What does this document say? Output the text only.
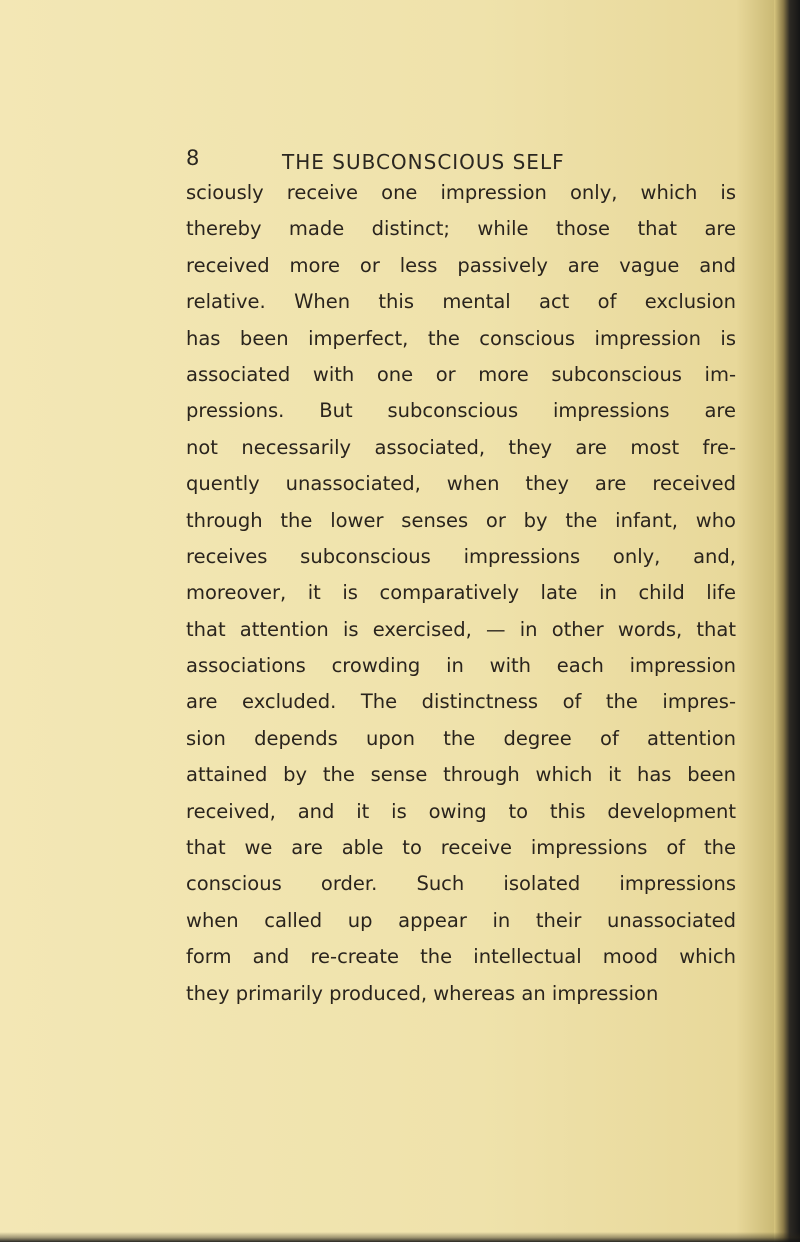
8	THE SUBCONSCIOUS SELF
sciously receive one impression only, which is
thereby made distinct; while those that are
received more or less passively are vague and
relative. When this mental act of exclusion
has been imperfect, the conscious impression is
associated with one or more subconscious im-
pressions. But subconscious impressions are
not necessarily associated, they are most fre-
quently unassociated, when they are received
through the lower senses or by the infant, who
receives subconscious impressions only, and,
moreover, it is comparatively late in child life
that attention is exercised, — in other words, that
associations crowding in with each impression
are excluded. The distinctness of the impres-
sion depends upon the degree of attention
attained by the sense through which it has been
received, and it is owing to this development
that we are able to receive impressions of the
conscious order. Such isolated impressions
when called up appear in their unassociated
form and re-create the intellectual mood which
they primarily produced, whereas an impression
